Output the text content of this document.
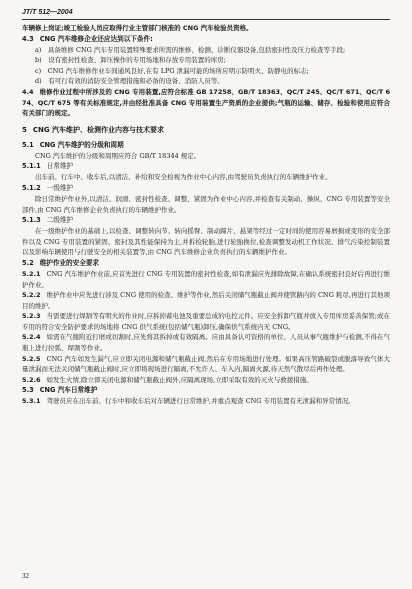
JT/T 512—2004

车辆修上岗证;竣工检验人员应取得行业主管部门核准的 CNG 汽车检验员资格。

4.3 CNG 汽车维修企业还应达到以下条件:

a)　具备维修 CNG 汽车专用装置特殊要求所需的维修、检测、诊断仪器设备,包括密封性及压力检查等手段;

b)　设有密封性检查、卸压操作的专用场地和存放专用装置的库房;

c)　CNG 汽车维修作业车间通风良好,在有 LPG 泄漏可能的场所应明示防明火、防静电的标志;

d)　有可行有效的消防安全管理措施和必备的设备、消防人员等。

4.4 维修作业过程中所涉及的 CNG 专用装置,应符合标准 GB 17258、GB/T 18363、QC/T 245、QC/T 671、QC/T 674、QC/T 675 等有关标准规定,并由经批准具备 CNG 专用装置生产资质的企业提供;气瓶的运输、储存、检验和使用应符合有关部门的规定。

5 CNG 汽车维护、检测作业内容与技术要求

5.1 CNG 汽车维护的分级和周期

CNG 汽车维护的分级和周期应符合 GB/T 18344 规定。

5.1.1 日常维护

出车前、行车中、收车后,以清洁、补给和安全检视为作业中心内容,由驾驶员负责执行的车辆维护作业。

5.1.2 一级维护

除日常维护作业外,以清洁、润滑、密封性检查、调整、紧固为作业中心内容,并检查有关制动、操纵、CNG 专用装置等安全部件,由 CNG 汽车维修企业负责执行的车辆维护作业。

5.1.3 二级维护

在一级维护作业的基础上,以检查、调整转向节、转向摇臂、制动蹄片、悬架等经过一定时间的使用容易磨损或变形的安全部件以及 CNG 专用装置的紧固、密封及其性能保持为主,并拆检轮胎,进行轮胎换位,检查调整发动机工作状况、排气污染控制装置以及影响车辆使用与行驶安全的相关装置等,由 CNG 汽车维修企业负责执行的车辆维护作业。

5.2 维护作业的安全要求

5.2.1 CNG 汽车维护作业前,应首先进行 CNG 专用装置的密封性检查,如有泄漏应先排除故障,在确认系统密封良好后再进行维护作业。

5.2.2 维护作业中应先进行涉及 CNG 使用的检查、维护等作业,然后关闭储气瓶截止阀并使管路内的 CNG 耗尽,再进行其他项目的维护。

5.2.3 当需要进行焊割等有明火的作业时,应拆掉蓄电池及重要总成的电控元件。应安全拆卸气瓶并放入专用库房妥善保管;或在专用的符合安全防护要求的场地将 CNG 供气系统(包括储气瓶)卸压,确保供气系统内无 CNG。

5.2.4 如需在气瓶附近打磨或切割时,应先将其拆掉或有效隔离。应由具备认可资格的单位、人员从事气瓶维护与检测,不得在气瓶上进行拉弧、焊割等作业。

5.2.5 CNG 汽车如发生漏气,应立即关闭电源和储气瓶截止阀,然后在专用场地进行处理。如果高压管路破裂或脱落导致气体大量泄漏而无法关闭储气瓶截止阀时,应立即将现场进行隔离,不允许人、车入内,隔离火源,待天然气散尽后再作处理。

5.2.6 如发生火情,除立即关闭电源和储气瓶截止阀外,应隔离现场,立即采取有效的灭火与救援措施。

5.3 CNG 汽车日常维护

5.3.1 驾驶员应在出车前、行车中和收车后对车辆进行日常维护,并重点观查 CNG 专用装置有无泄漏和异常情况。

32
